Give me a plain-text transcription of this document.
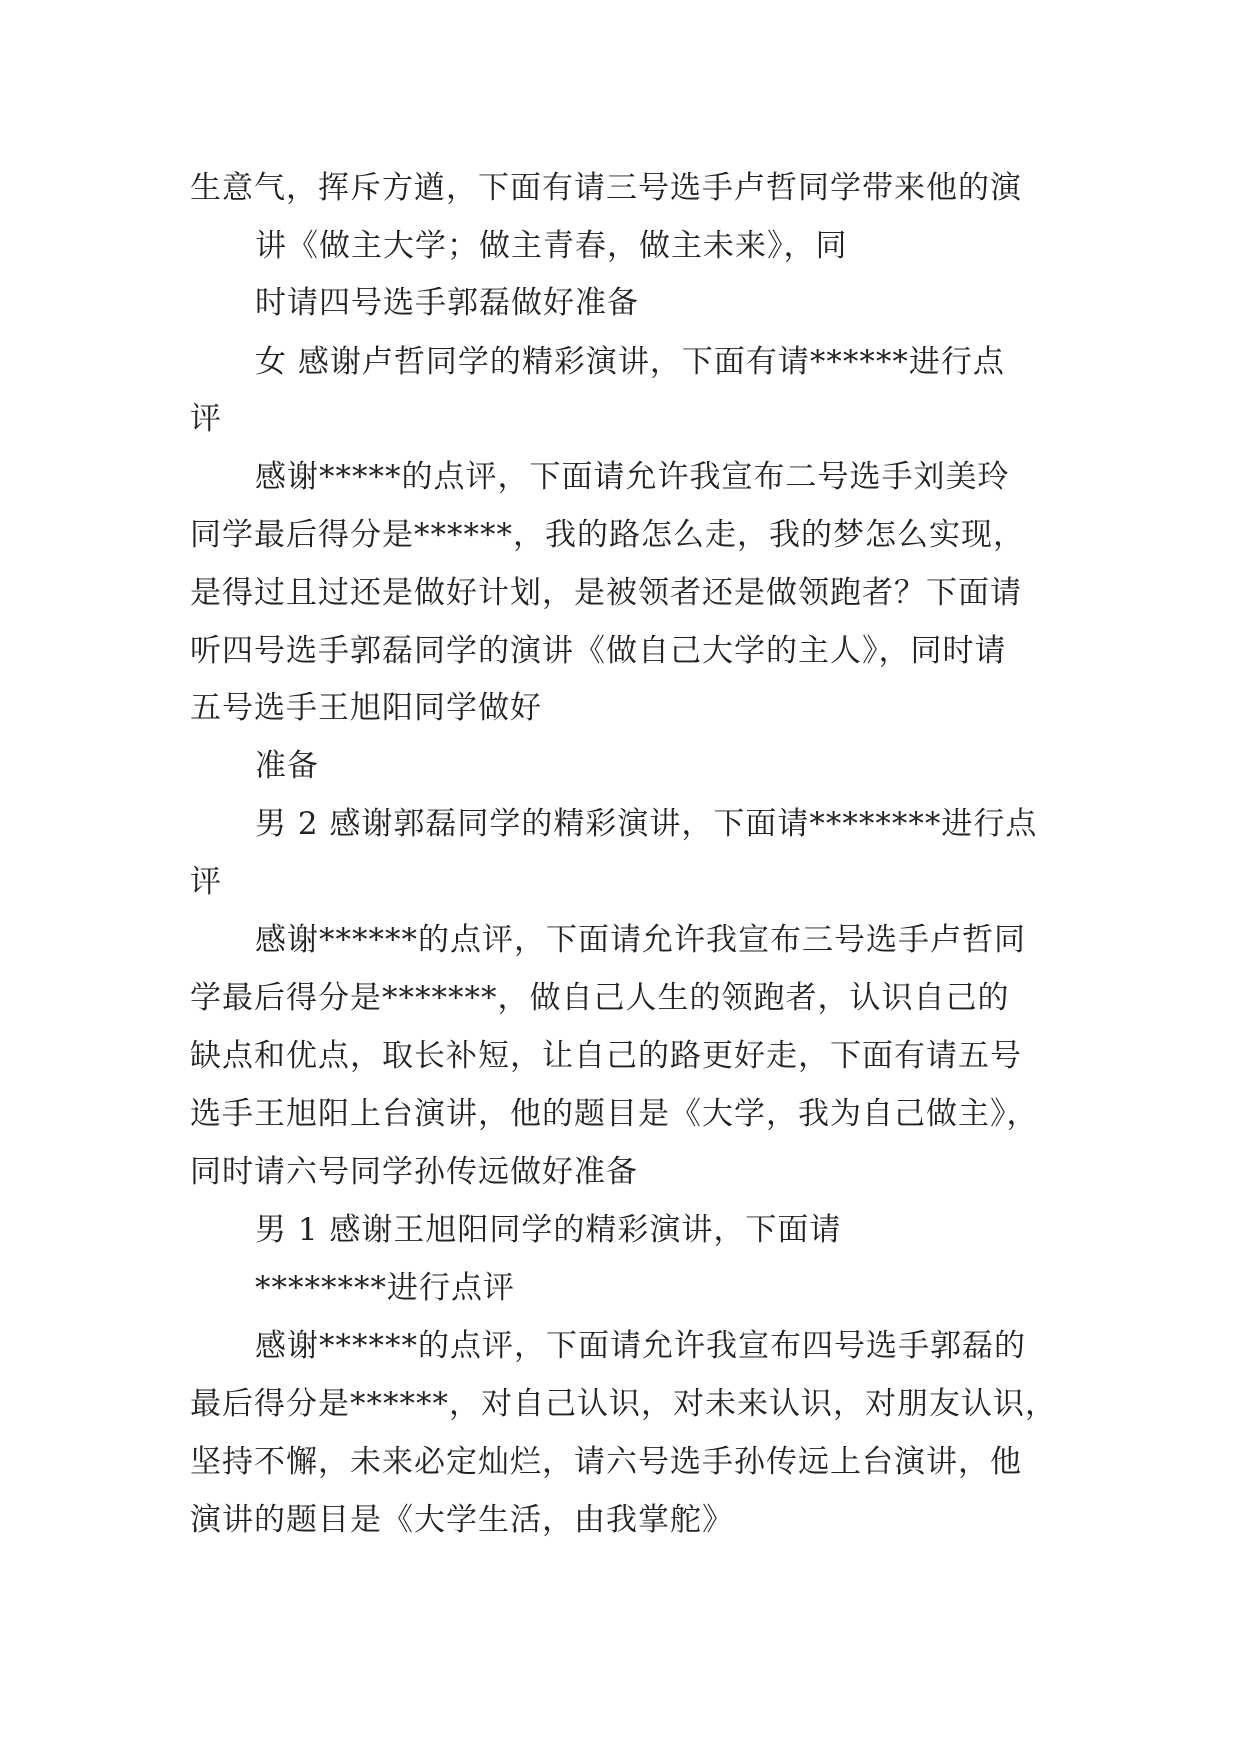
生意气，挥斥方遒，下面有请三号选手卢哲同学带来他的演
讲《做主大学；做主青春，做主未来》，同
时请四号选手郭磊做好准备
女 感谢卢哲同学的精彩演讲，下面有请******进行点
评
感谢*****的点评，下面请允许我宣布二号选手刘美玲
同学最后得分是******，我的路怎么走，我的梦怎么实现，
是得过且过还是做好计划，是被领者还是做领跑者？下面请
听四号选手郭磊同学的演讲《做自己大学的主人》，同时请
五号选手王旭阳同学做好
准备
男 2 感谢郭磊同学的精彩演讲，下面请********进行点
评
感谢******的点评，下面请允许我宣布三号选手卢哲同
学最后得分是*******，做自己人生的领跑者，认识自己的
缺点和优点，取长补短，让自己的路更好走，下面有请五号
选手王旭阳上台演讲，他的题目是《大学，我为自己做主》，
同时请六号同学孙传远做好准备
男 1 感谢王旭阳同学的精彩演讲，下面请
********进行点评
感谢******的点评，下面请允许我宣布四号选手郭磊的
最后得分是******，对自己认识，对未来认识，对朋友认识，
坚持不懈，未来必定灿烂，请六号选手孙传远上台演讲，他
演讲的题目是《大学生活，由我掌舵》
